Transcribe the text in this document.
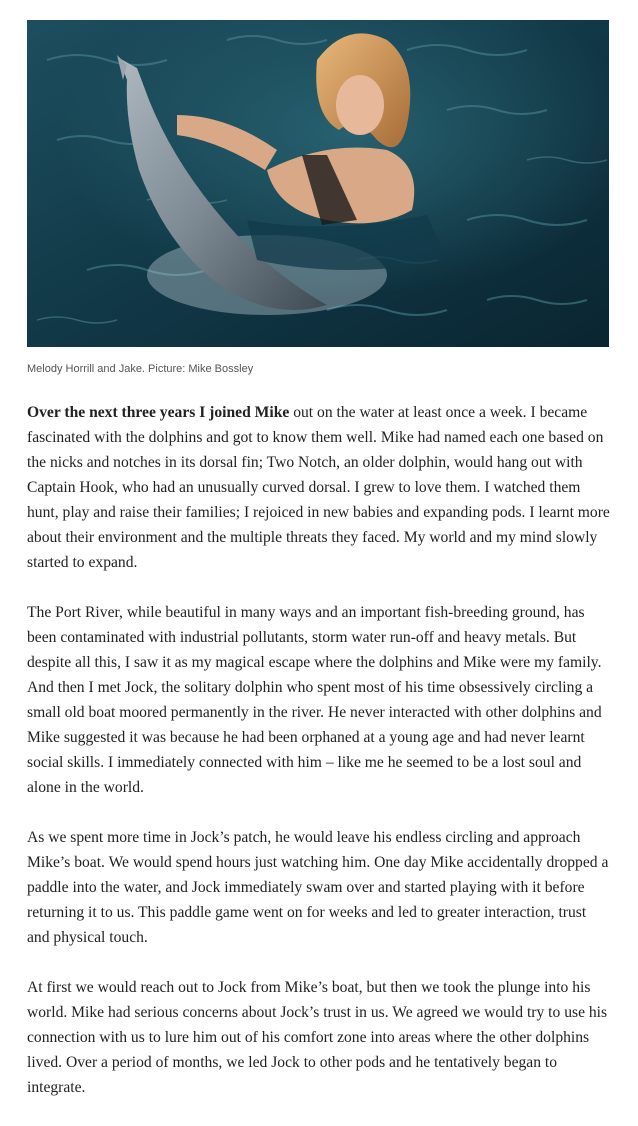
Melody Horrill and Jake. Picture: Mike Bossley

Over the next three years I joined Mike out on the water at least once a week. I became fascinated with the dolphins and got to know them well. Mike had named each one based on the nicks and notches in its dorsal fin; Two Notch, an older dolphin, would hang out with Captain Hook, who had an unusually curved dorsal. I grew to love them. I watched them hunt, play and raise their families; I rejoiced in new babies and expanding pods. I learnt more about their environment and the multiple threats they faced. My world and my mind slowly started to expand.

The Port River, while beautiful in many ways and an important fish-breeding ground, has been contaminated with industrial pollutants, storm water run-off and heavy metals. But despite all this, I saw it as my magical escape where the dolphins and Mike were my family. And then I met Jock, the solitary dolphin who spent most of his time obsessively circling a small old boat moored permanently in the river. He never interacted with other dolphins and Mike suggested it was because he had been orphaned at a young age and had never learnt social skills. I immediately connected with him – like me he seemed to be a lost soul and alone in the world.

As we spent more time in Jock’s patch, he would leave his endless circling and approach Mike’s boat. We would spend hours just watching him. One day Mike accidentally dropped a paddle into the water, and Jock immediately swam over and started playing with it before returning it to us. This paddle game went on for weeks and led to greater interaction, trust and physical touch.

At first we would reach out to Jock from Mike’s boat, but then we took the plunge into his world. Mike had serious concerns about Jock’s trust in us. We agreed we would try to use his connection with us to lure him out of his comfort zone into areas where the other dolphins lived. Over a period of months, we led Jock to other pods and he tentatively began to integrate.
